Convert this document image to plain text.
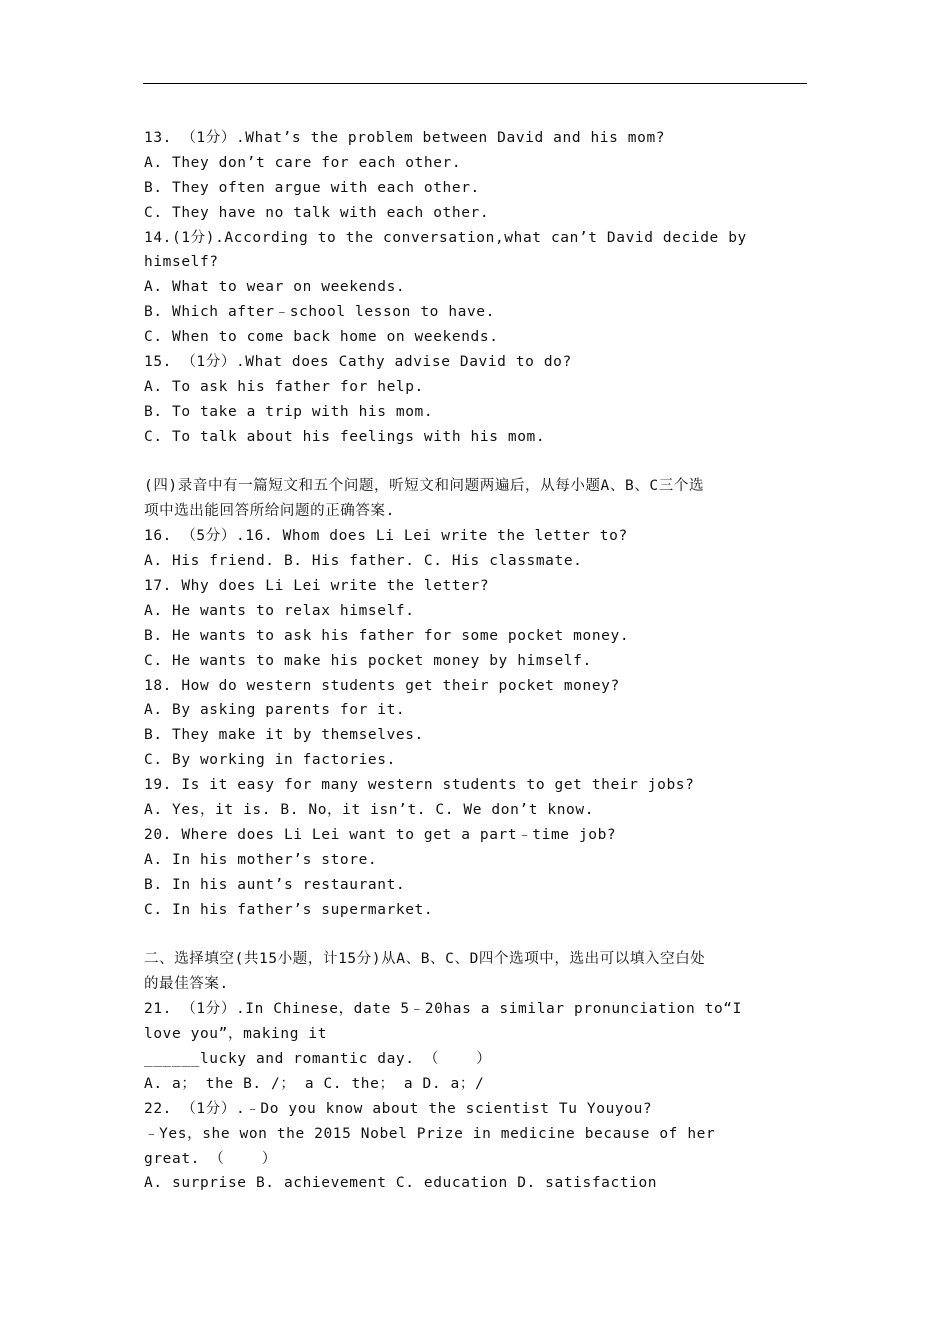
13. （1分）.What’s the problem between David and his mom?
A. They don’t care for each other.
B. They often argue with each other.
C. They have no talk with each other.
14.(1分).According to the conversation,what can’t David decide by
himself?
A. What to wear on weekends.
B. Which after﹣school lesson to have.
C. When to come back home on weekends.
15. （1分）.What does Cathy advise David to do?
A. To ask his father for help.
B. To take a trip with his mom.
C. To talk about his feelings with his mom.
(四)录音中有一篇短文和五个问题，听短文和问题两遍后，从每小题A、B、C三个选
项中选出能回答所给问题的正确答案.
16. （5分）.16. Whom does Li Lei write the letter to?
A. His friend. B. His father. C. His classmate.
17. Why does Li Lei write the letter?
A. He wants to relax himself.
B. He wants to ask his father for some pocket money.
C. He wants to make his pocket money by himself.
18. How do western students get their pocket money?
A. By asking parents for it.
B. They make it by themselves.
C. By working in factories.
19. Is it easy for many western students to get their jobs?
A. Yes，it is. B. No，it isn’t. C. We don’t know.
20. Where does Li Lei want to get a part﹣time job?
A. In his mother’s store.
B. In his aunt’s restaurant.
C. In his father’s supermarket.
二、选择填空(共15小题，计15分)从A、B、C、D四个选项中，选出可以填入空白处
的最佳答案.
21. （1分）.In Chinese，date 5﹣20has a similar pronunciation to“I
love you”，making it
______lucky and romantic day. （    ）
A. a； the B. /； a C. the； a D. a；/
22. （1分）.﹣Do you know about the scientist Tu Youyou?
﹣Yes，she won the 2015 Nobel Prize in medicine because of her
great. （    ）
A. surprise B. achievement C. education D. satisfaction
